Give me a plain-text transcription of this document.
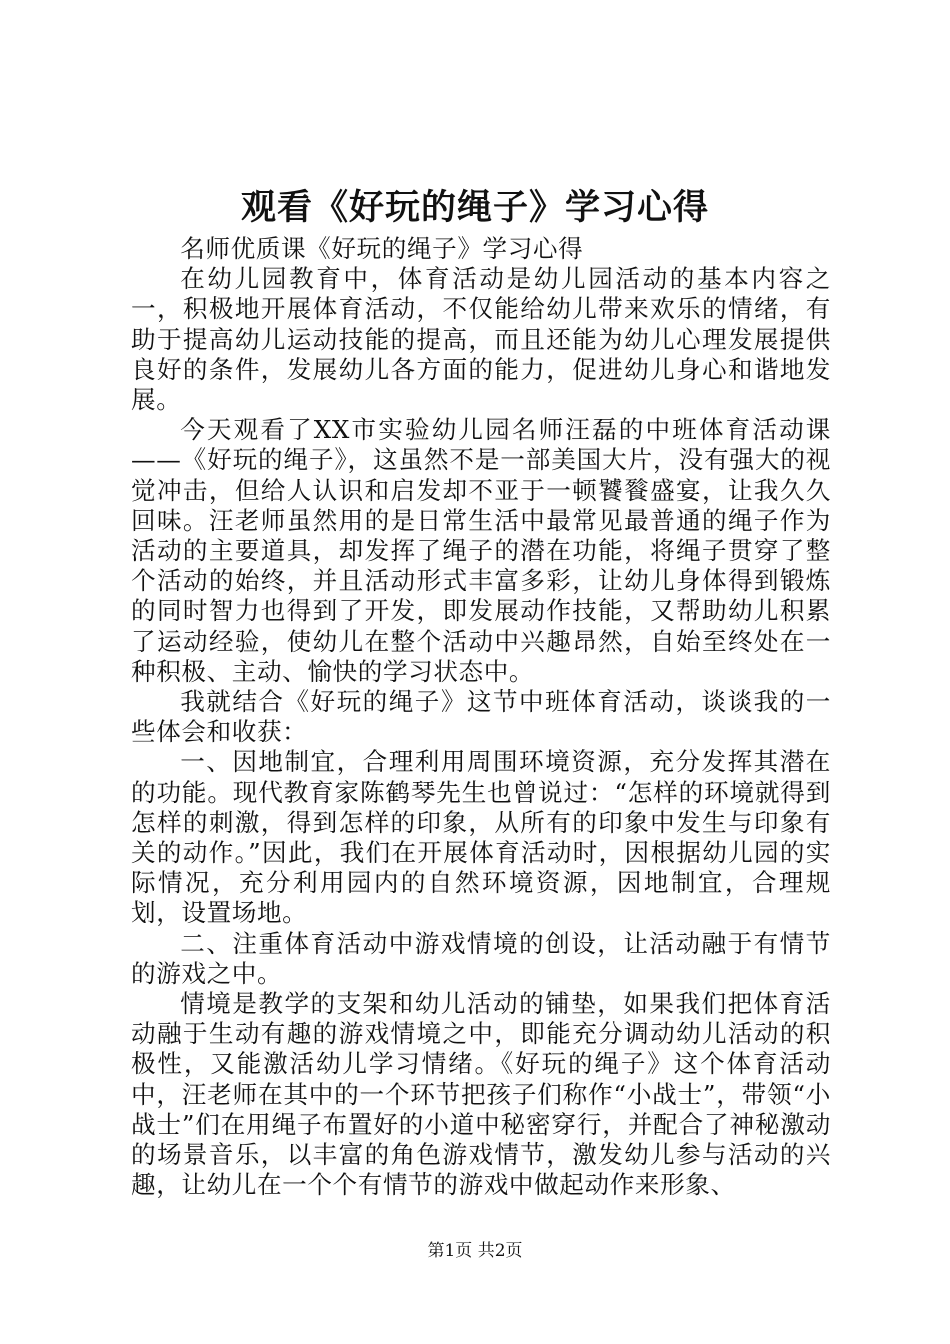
观看《好玩的绳子》学习心得

名师优质课《好玩的绳子》学习心得

在幼儿园教育中，体育活动是幼儿园活动的基本内容之一，积极地开展体育活动，不仅能给幼儿带来欢乐的情绪，有助于提高幼儿运动技能的提高，而且还能为幼儿心理发展提供良好的条件，发展幼儿各方面的能力，促进幼儿身心和谐地发展。

今天观看了XX市实验幼儿园名师汪磊的中班体育活动课——《好玩的绳子》，这虽然不是一部美国大片，没有强大的视觉冲击，但给人认识和启发却不亚于一顿饕餮盛宴，让我久久回味。汪老师虽然用的是日常生活中最常见最普通的绳子作为活动的主要道具，却发挥了绳子的潜在功能，将绳子贯穿了整个活动的始终，并且活动形式丰富多彩，让幼儿身体得到锻炼的同时智力也得到了开发，即发展动作技能，又帮助幼儿积累了运动经验，使幼儿在整个活动中兴趣昂然，自始至终处在一种积极、主动、愉快的学习状态中。

我就结合《好玩的绳子》这节中班体育活动，谈谈我的一些体会和收获：

一、因地制宜，合理利用周围环境资源，充分发挥其潜在的功能。现代教育家陈鹤琴先生也曾说过：“怎样的环境就得到怎样的刺激，得到怎样的印象，从所有的印象中发生与印象有关的动作。”因此，我们在开展体育活动时，因根据幼儿园的实际情况，充分利用园内的自然环境资源，因地制宜，合理规划，设置场地。

二、注重体育活动中游戏情境的创设，让活动融于有情节的游戏之中。

情境是教学的支架和幼儿活动的铺垫，如果我们把体育活动融于生动有趣的游戏情境之中，即能充分调动幼儿活动的积极性，又能激活幼儿学习情绪。《好玩的绳子》这个体育活动中，汪老师在其中的一个环节把孩子们称作“小战士”，带领“小战士”们在用绳子布置好的小道中秘密穿行，并配合了神秘激动的场景音乐，以丰富的角色游戏情节，激发幼儿参与活动的兴趣，让幼儿在一个个有情节的游戏中做起动作来形象、

第1页 共2页
